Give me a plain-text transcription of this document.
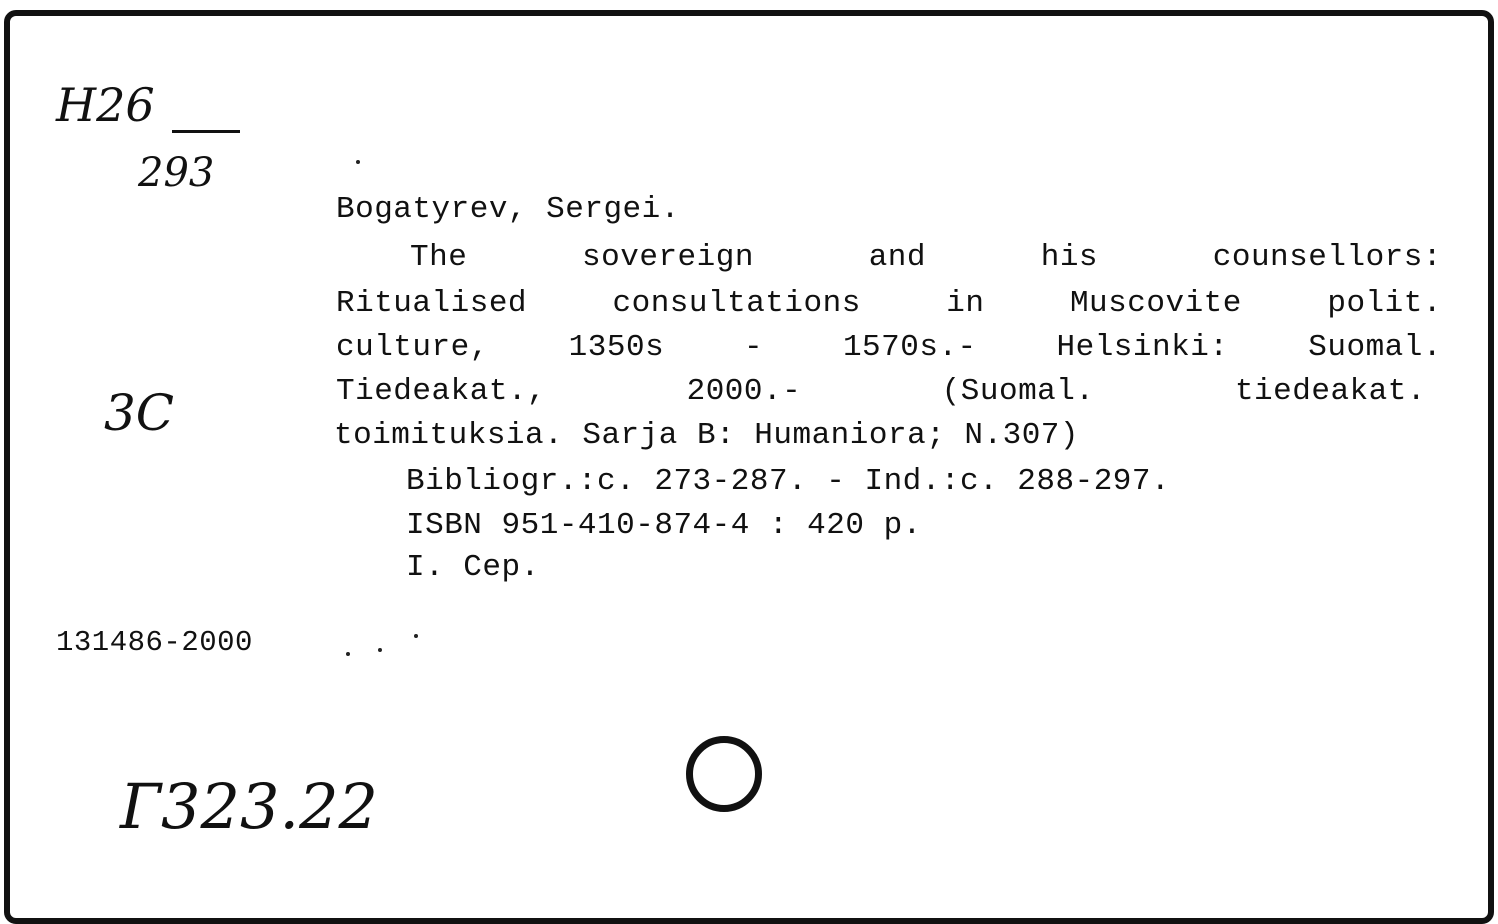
H26
293
3C
Г323.22
Bogatyrev, Sergei.
The	sovereign	and	his	counsellors:
Ritualised	consultations	in	Muscovite	polit.
culture,	1350s	-	1570s.-	Helsinki:	Suomal.
Tiedeakat.,	2000.-	(Suomal.	tiedeakat.
toimituksia. Sarja B: Humaniora; N.307)
Bibliogr.:c. 273-287. - Ind.:c. 288-297.
ISBN 951-410-874-4 : 420 p.
I. Сер.
131486-2000
